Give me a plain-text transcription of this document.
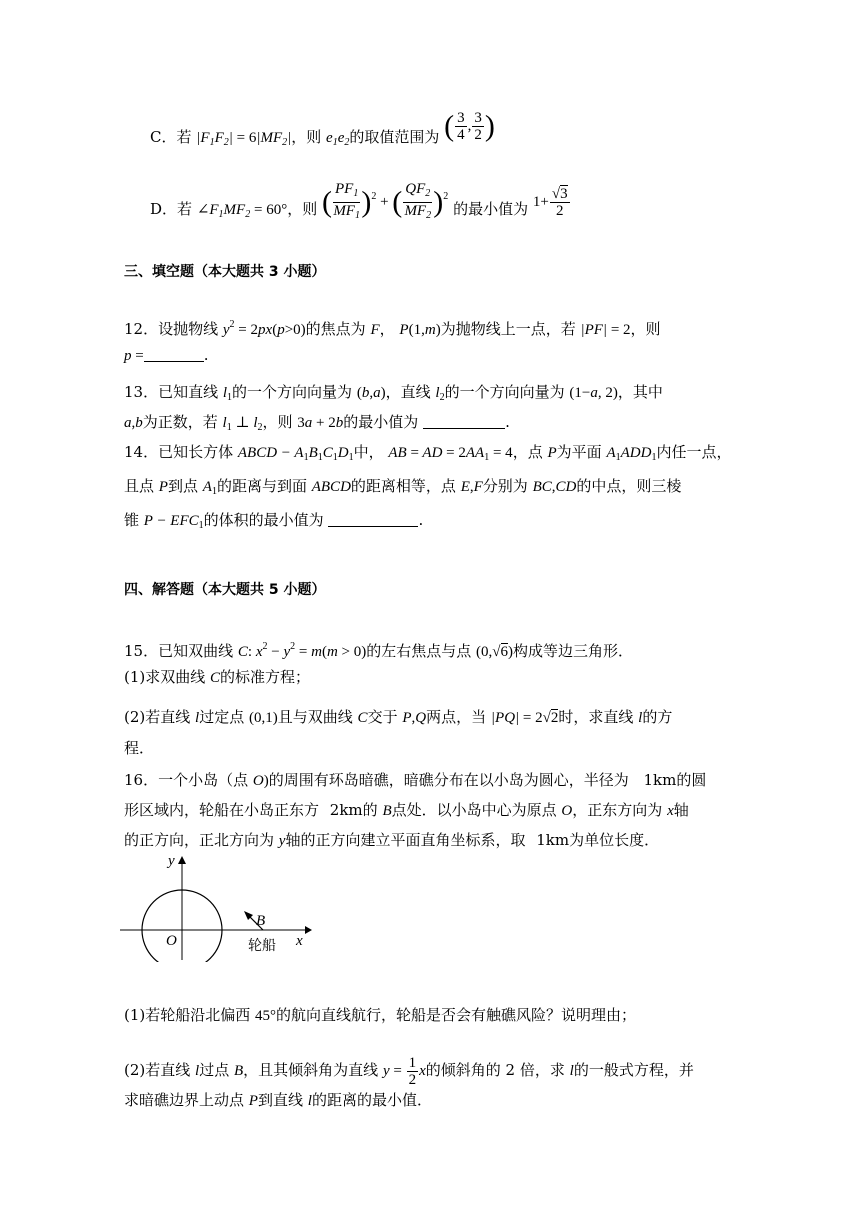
C．若 $|F_1F_2| = 6|MF_2|$，则 $e_1e_2$的取值范围为 ( $\frac{3}{4}$ , $\frac{3}{2}$ )
D．若 $\angle F_1MF_2 = 60^\circ$，则 ( $\frac{PF_1}{MF_1} )^2$ + ( $\frac{QF_2}{MF_2} )^2$ 的最小值为 $1+ \frac{√3}{2}$
三、填空题（本大题共 3 小题）
12．设抛物线 $y^2 = 2px(p>0)$的焦点为 F， P(1,m)为抛物线上一点，若 |PF| = 2，则
p =	.
13．已知直线 $l_1$的一个方向向量为 (b,a)，直线 $l_2$的一个方向向量为 (1−a, 2)，其中
a,b为正数，若 $l_1$ ⊥ $l_2$，则 3a + 2b的最小值为	.
14．已知长方体 ABCD − $A_1B_1C_1D_1$中， AB = AD = $2AA_1 = 4$，点 P为平面 $A_1ADD_1$内任一点，
且点 P到点 $A_1$的距离与到面 ABCD的距离相等，点 E,F分别为 BC,CD的中点，则三棱
锥 $P - EFC_1$的体积的最小值为	.
四、解答题（本大题共 5 小题）
15．已知双曲线 C: $x^2 - y^2 = m(m > 0)$的左右焦点与点 (0,√6)构成等边三角形．
(1)求双曲线 C的标准方程；
(2)若直线 l过定点 (0,1)且与双曲线 C交于 P,Q两点，当 |PQ| = 2√2时，求直线 l的方
程．
16．一个小岛（点 O)的周围有环岛暗礁，暗礁分布在以小岛为圆心，半径为 1km的圆
形区域内，轮船在小岛正东方 2km的 B点处．以小岛中心为原点 O，正东方向为 x轴
的正方向，正北方向为 y轴的正方向建立平面直角坐标系，取 1km为单位长度．
y
x
O
B
轮船
(1)若轮船沿北偏西 45°的航向直线航行，轮船是否会有触礁风险？说明理由；
(2)若直线 l过点 B，且其倾斜角为直线 $y = \frac{1}{2}$ x的倾斜角的 2 倍，求 l的一般式方程，并
求暗礁边界上动点 P到直线 l的距离的最小值．
